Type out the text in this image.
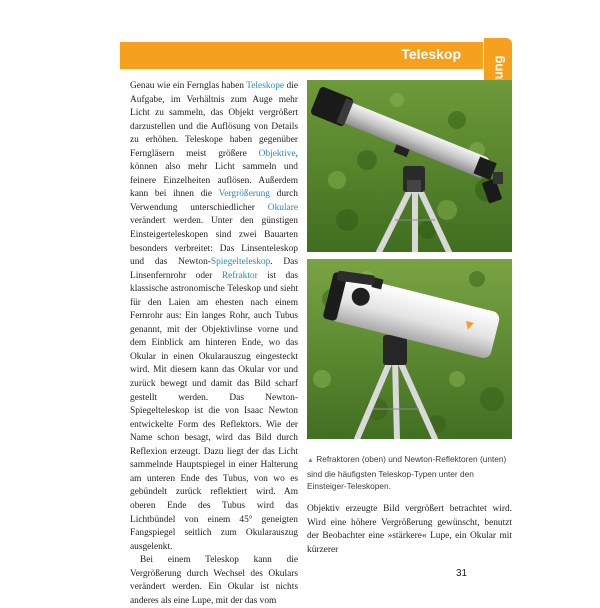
Teleskop

Genau wie ein Fernglas haben Teleskope die Aufgabe, im Verhältnis zum Auge mehr Licht zu sammeln, das Objekt vergrößert darzustellen und die Auflösung von Details zu erhöhen. Teleskope haben gegenüber Ferngläsern meist größere Objektive, können also mehr Licht sammeln und feinere Einzelheiten auflösen. Außerdem kann bei ihnen die Vergrößerung durch Verwendung unterschiedlicher Okulare verändert werden. Unter den günstigen Einsteigerteleskopen sind zwei Bauarten besonders verbreitet: Das Linsenteleskop und das Newton-Spiegelteleskop. Das Linsenfernrohr oder Refraktor ist das klassische astronomische Teleskop und sieht für den Laien am ehesten nach einem Fernrohr aus: Ein langes Rohr, auch Tubus genannt, mit der Objektivlinse vorne und dem Einblick am hinteren Ende, wo das Okular in einen Okularauszug eingesteckt wird. Mit diesem kann das Okular vor und zurück bewegt und damit das Bild scharf gestellt werden. Das Newton-Spiegelteleskop ist die von Isaac Newton entwickelte Form des Reflektors. Wie der Name schon besagt, wird das Bild durch Reflexion erzeugt. Dazu liegt der das Licht sammelnde Hauptspiegel in einer Halterung am unteren Ende des Tubus, von wo es gebündelt zurück reflektiert wird. Am oberen Ende des Tubus wird das Lichtbündel von einem 45° geneigten Fangspiegel seitlich zum Okularauszug ausgelenkt.

Bei einem Teleskop kann die Vergrößerung durch Wechsel des Okulars verändert werden. Ein Okular ist nichts anderes als eine Lupe, mit der das vom

▲ Refraktoren (oben) und Newton-Reflektoren (unten) sind die häufigsten Teleskop-Typen unter den Einsteiger-Teleskopen.

Objektiv erzeugte Bild vergrößert betrachtet wird. Wird eine höhere Vergrößerung gewünscht, benutzt der Beobachter eine »stärkere« Lupe, ein Okular mit kürzerer

31
